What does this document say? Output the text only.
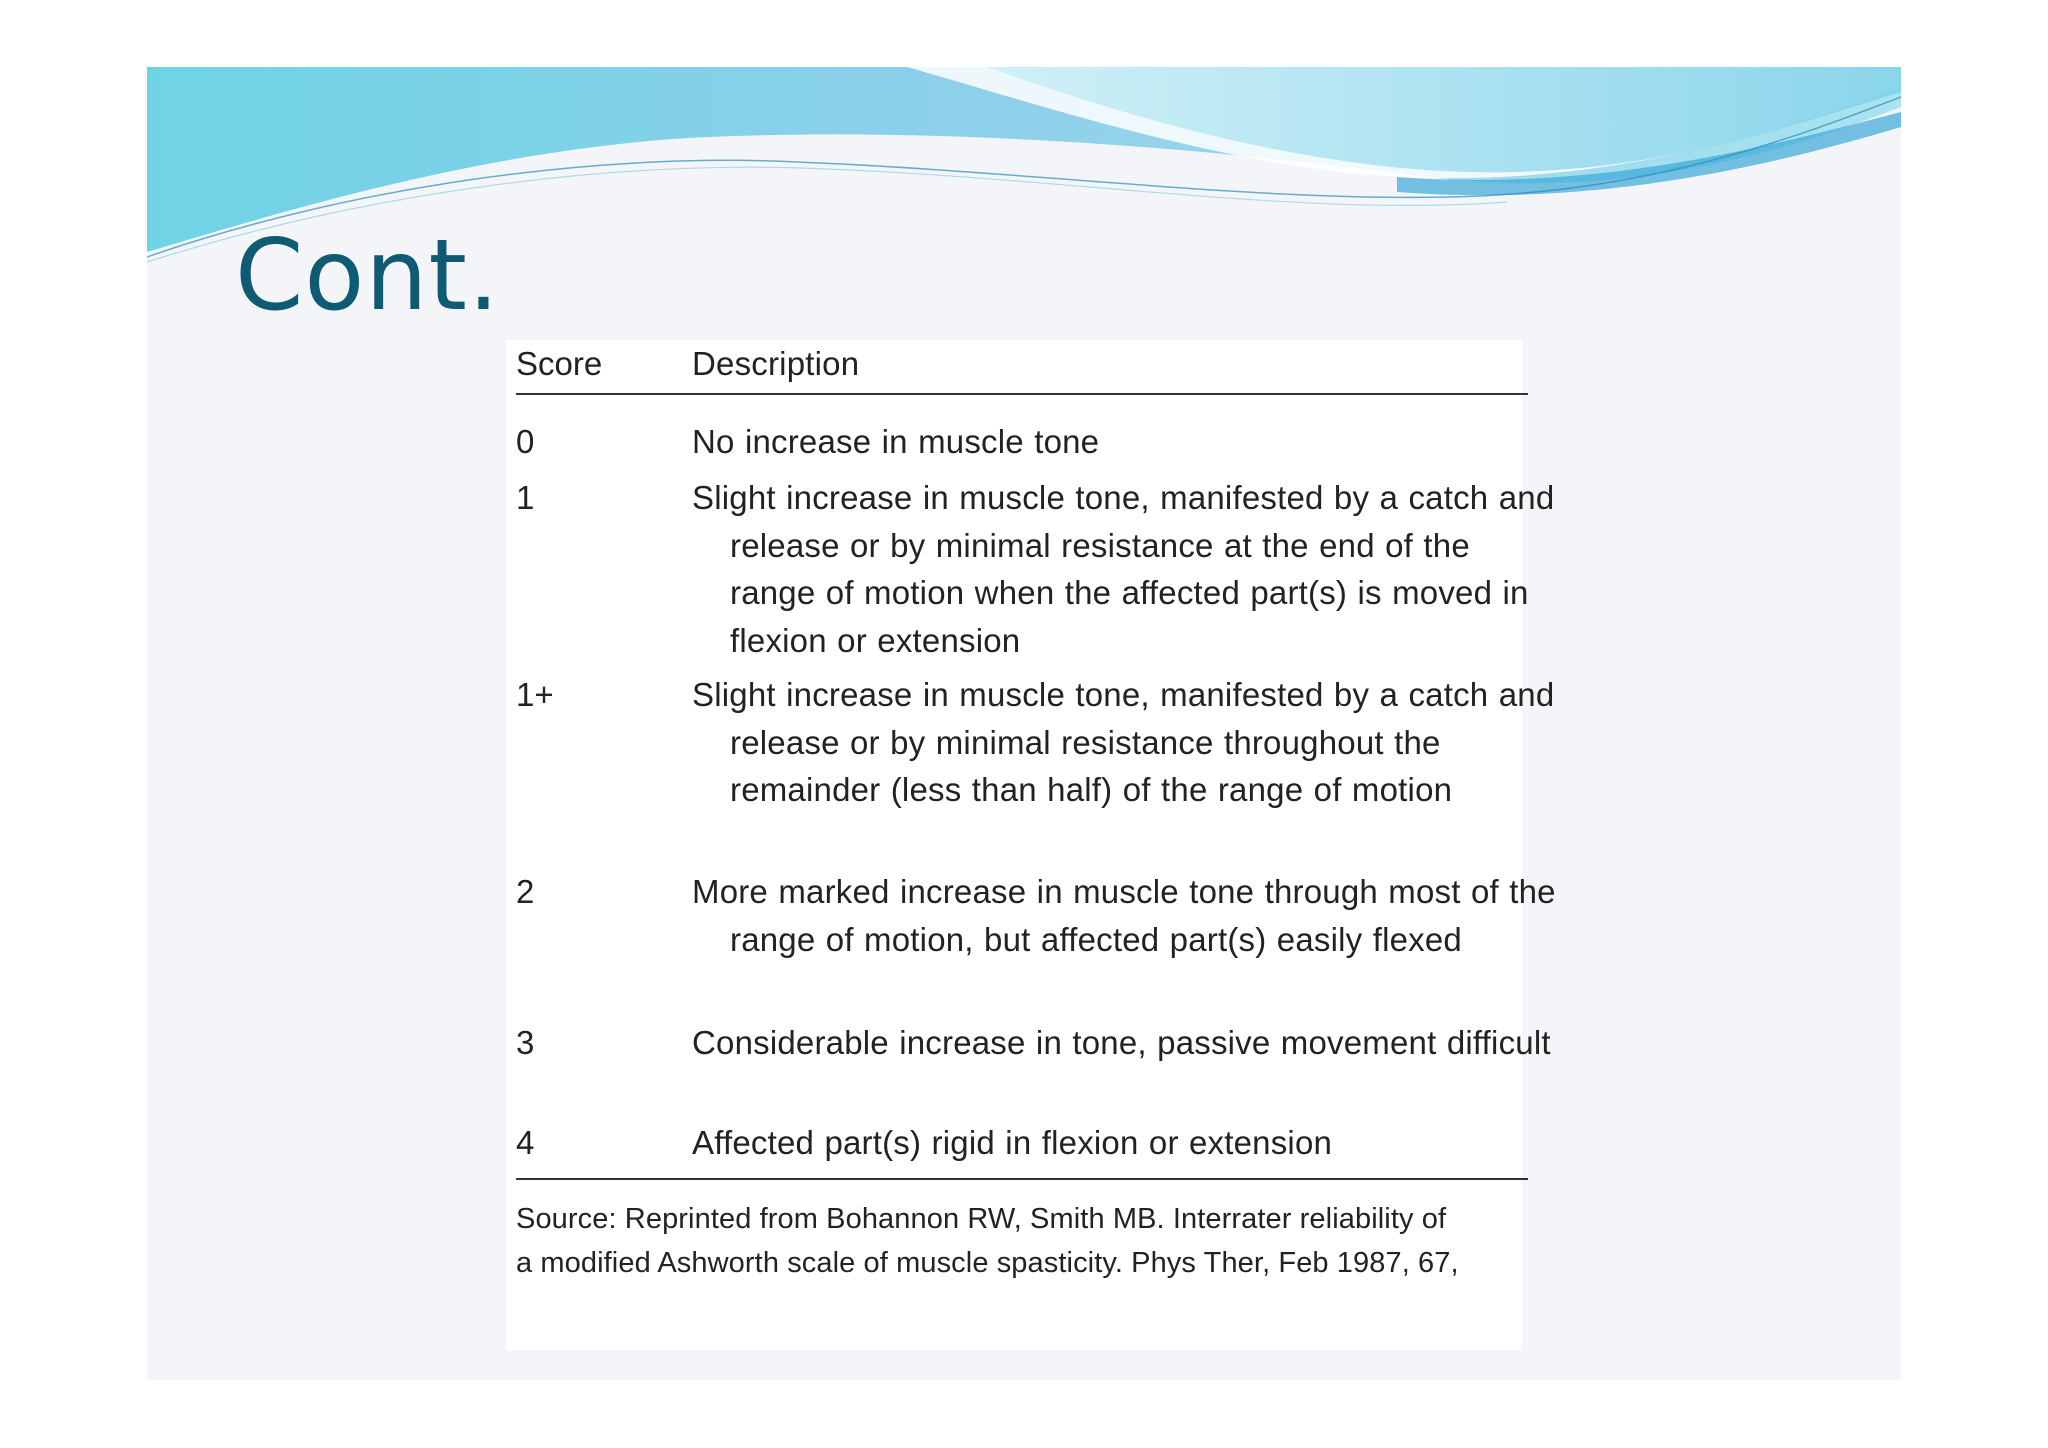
Cont.
Score	Description
0	No increase in muscle tone
1	Slight increase in muscle tone, manifested by a catch and release or by minimal resistance at the end of the range of motion when the affected part(s) is moved in flexion or extension
1+	Slight increase in muscle tone, manifested by a catch and release or by minimal resistance throughout the remainder (less than half) of the range of motion
2	More marked increase in muscle tone through most of the range of motion, but affected part(s) easily flexed
3	Considerable increase in tone, passive movement difficult
4	Affected part(s) rigid in flexion or extension
Source: Reprinted from Bohannon RW, Smith MB. Interrater reliability of
a modified Ashworth scale of muscle spasticity. Phys Ther, Feb 1987, 67,
